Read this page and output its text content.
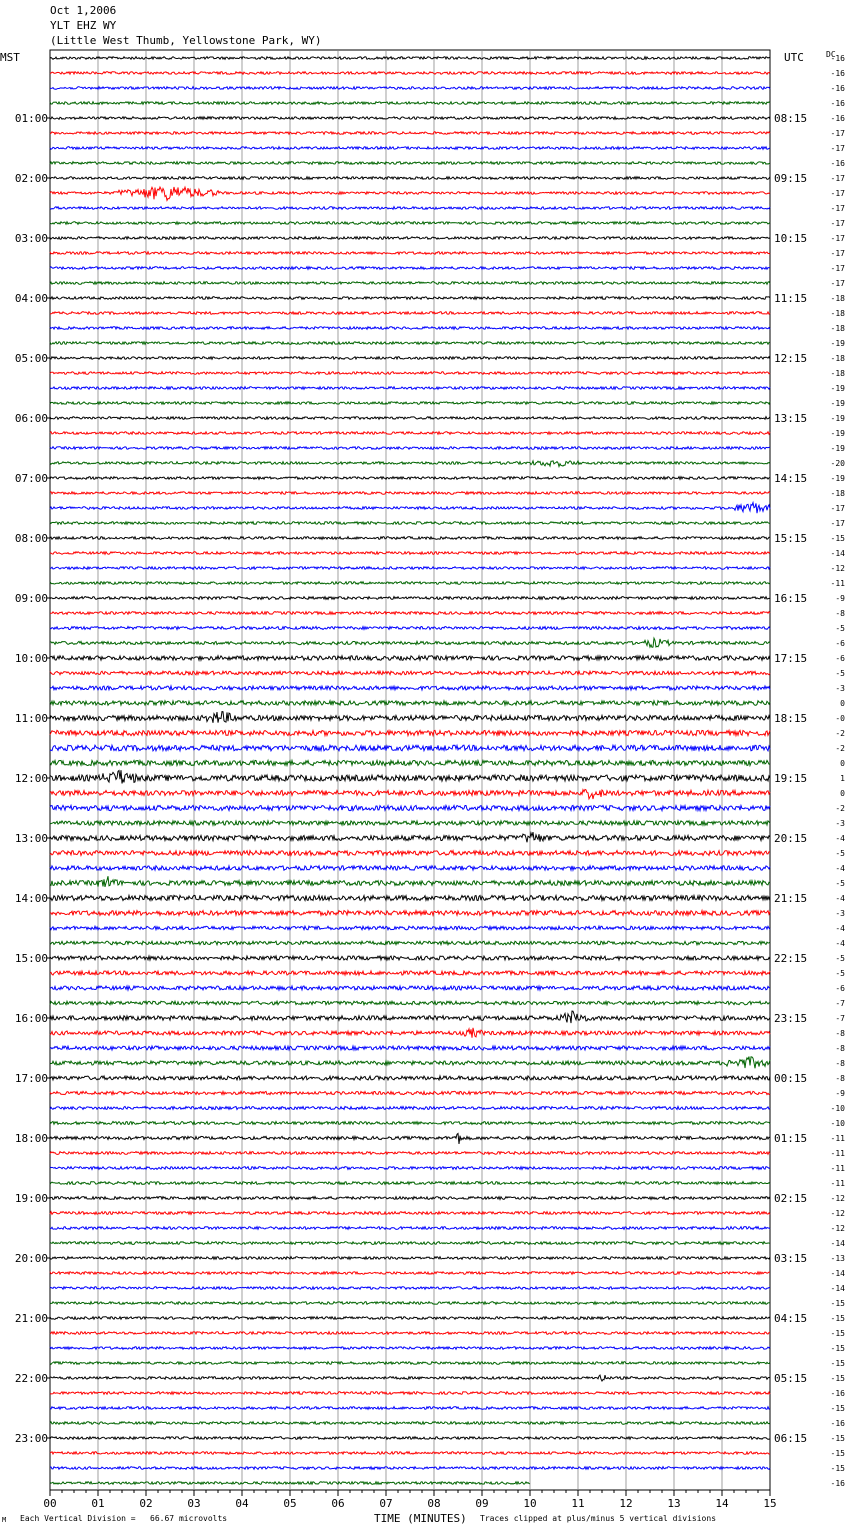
Oct 1,2006
YLT EHZ WY
(Little West Thumb, Yellowstone Park, WY)
MST	UTC	DC
00	01	02	03	04	05	06	07	08	09	10	11	12	13	14	15
-16
-16
-16
-16
-16
01:00	08:15
-17
-17
-16
-17
02:00	09:15
-17
-17
-17
-17
03:00	10:15
-17
-17
-17
-18
04:00	11:15
-18
-18
-19
-18
05:00	12:15
-18
-19
-19
-19
06:00	13:15
-19
-19
-20
-19
07:00	14:15
-18
-17
-17
-15
08:00	15:15
-14
-12
-11
-9
09:00	16:15
-8
-5
-6
-6
10:00	17:15
-5
-3
0
-0
11:00	18:15
-2
-2
0
1
12:00	19:15
0
-2
-3
-4
13:00	20:15
-5
-4
-5
-4
14:00	21:15
-3
-4
-4
-5
15:00	22:15
-5
-6
-7
-7
16:00	23:15
-8
-8
-8
-8
17:00	00:15
-9
-10
-10
-11
18:00	01:15
-11
-11
-11
-12
19:00	02:15
-12
-12
-14
-13
20:00	03:15
-14
-14
-15
-15
21:00	04:15
-15
-15
-15
-15
22:00	05:15
-16
-15
-16
-15
23:00	06:15
-15
-15
-16
TIME (MINUTES)
Each Vertical Division =   66.67 microvolts	Traces clipped at plus/minus 5 vertical divisions
M
